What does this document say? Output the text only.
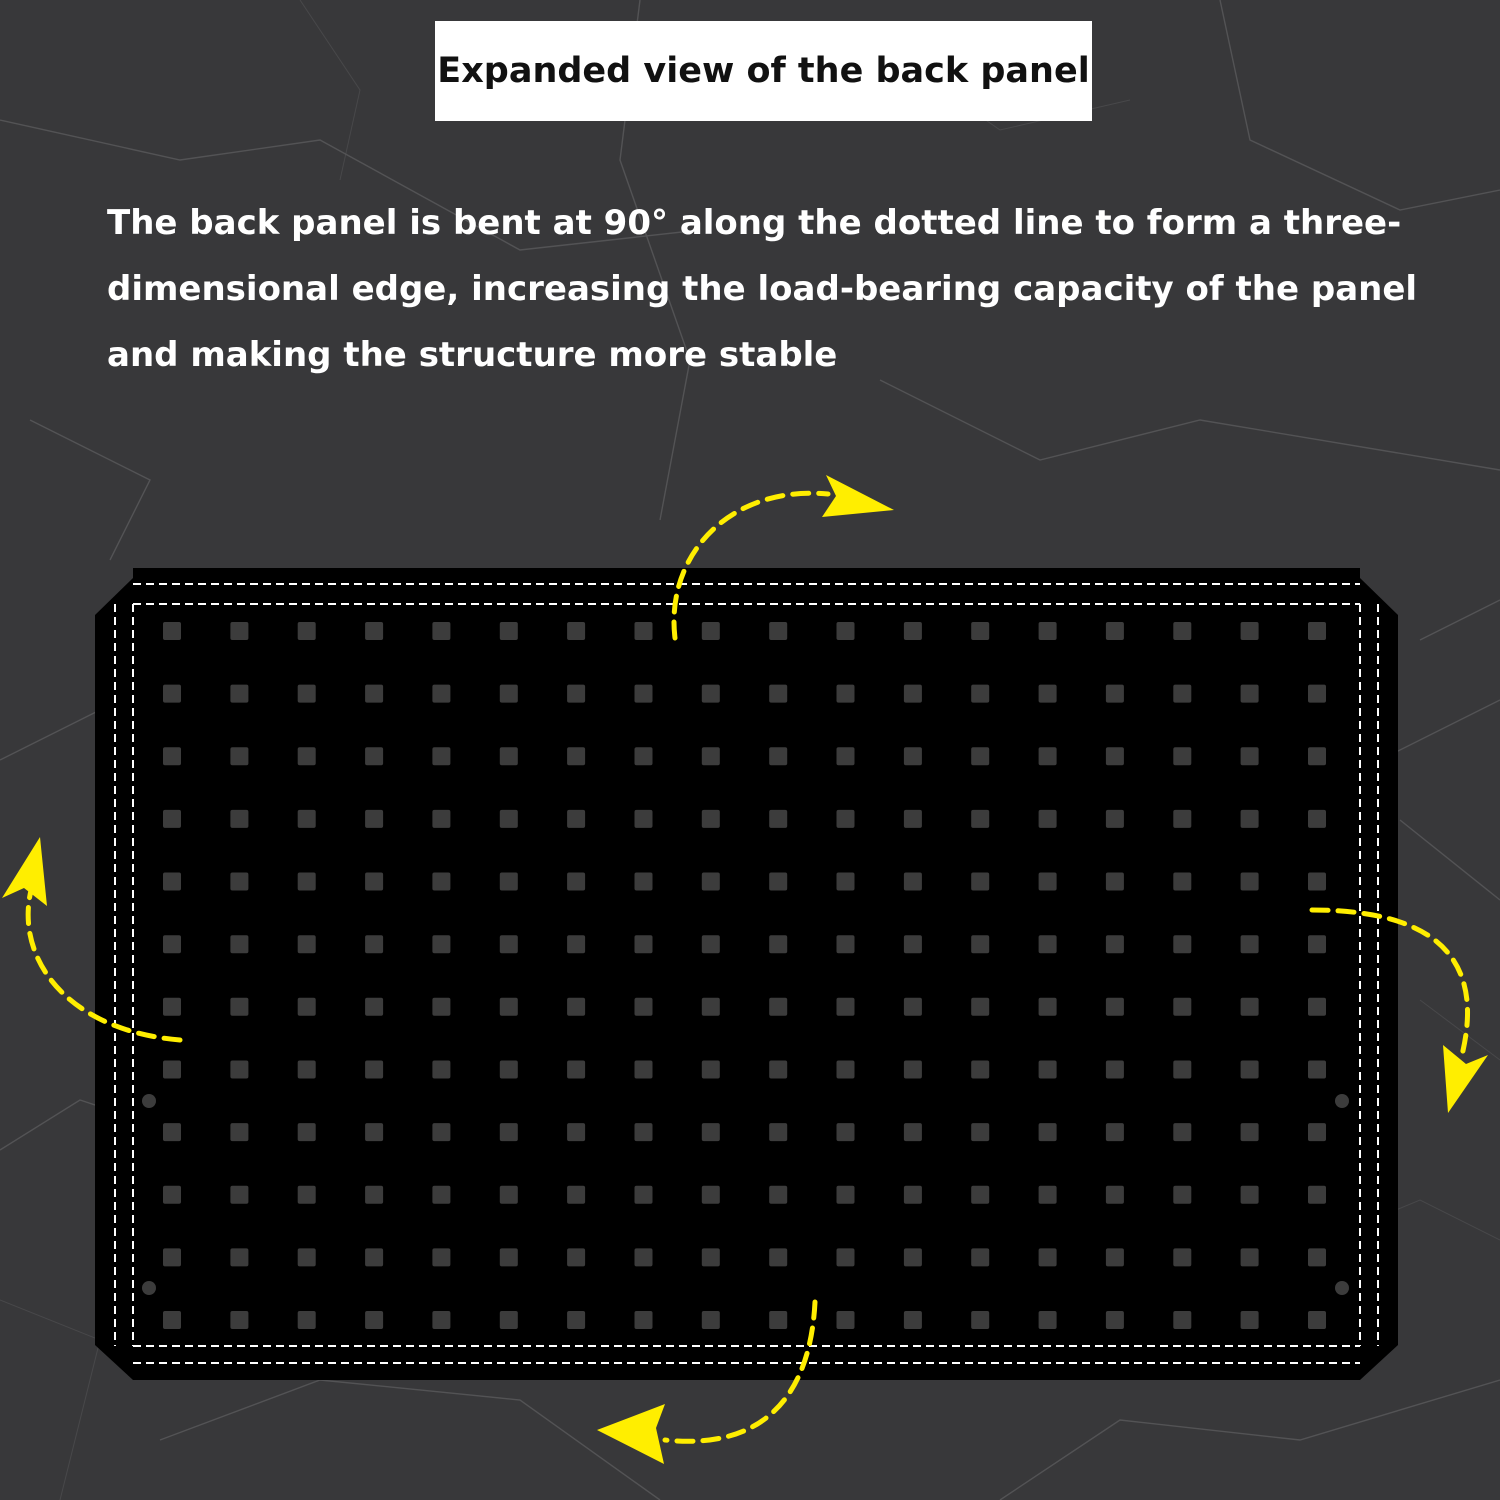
Expanded view of the back panel

The back panel is bent at 90° along the dotted line to form a three-dimensional edge, increasing the load-bearing capacity of the panel and making the structure more stable
